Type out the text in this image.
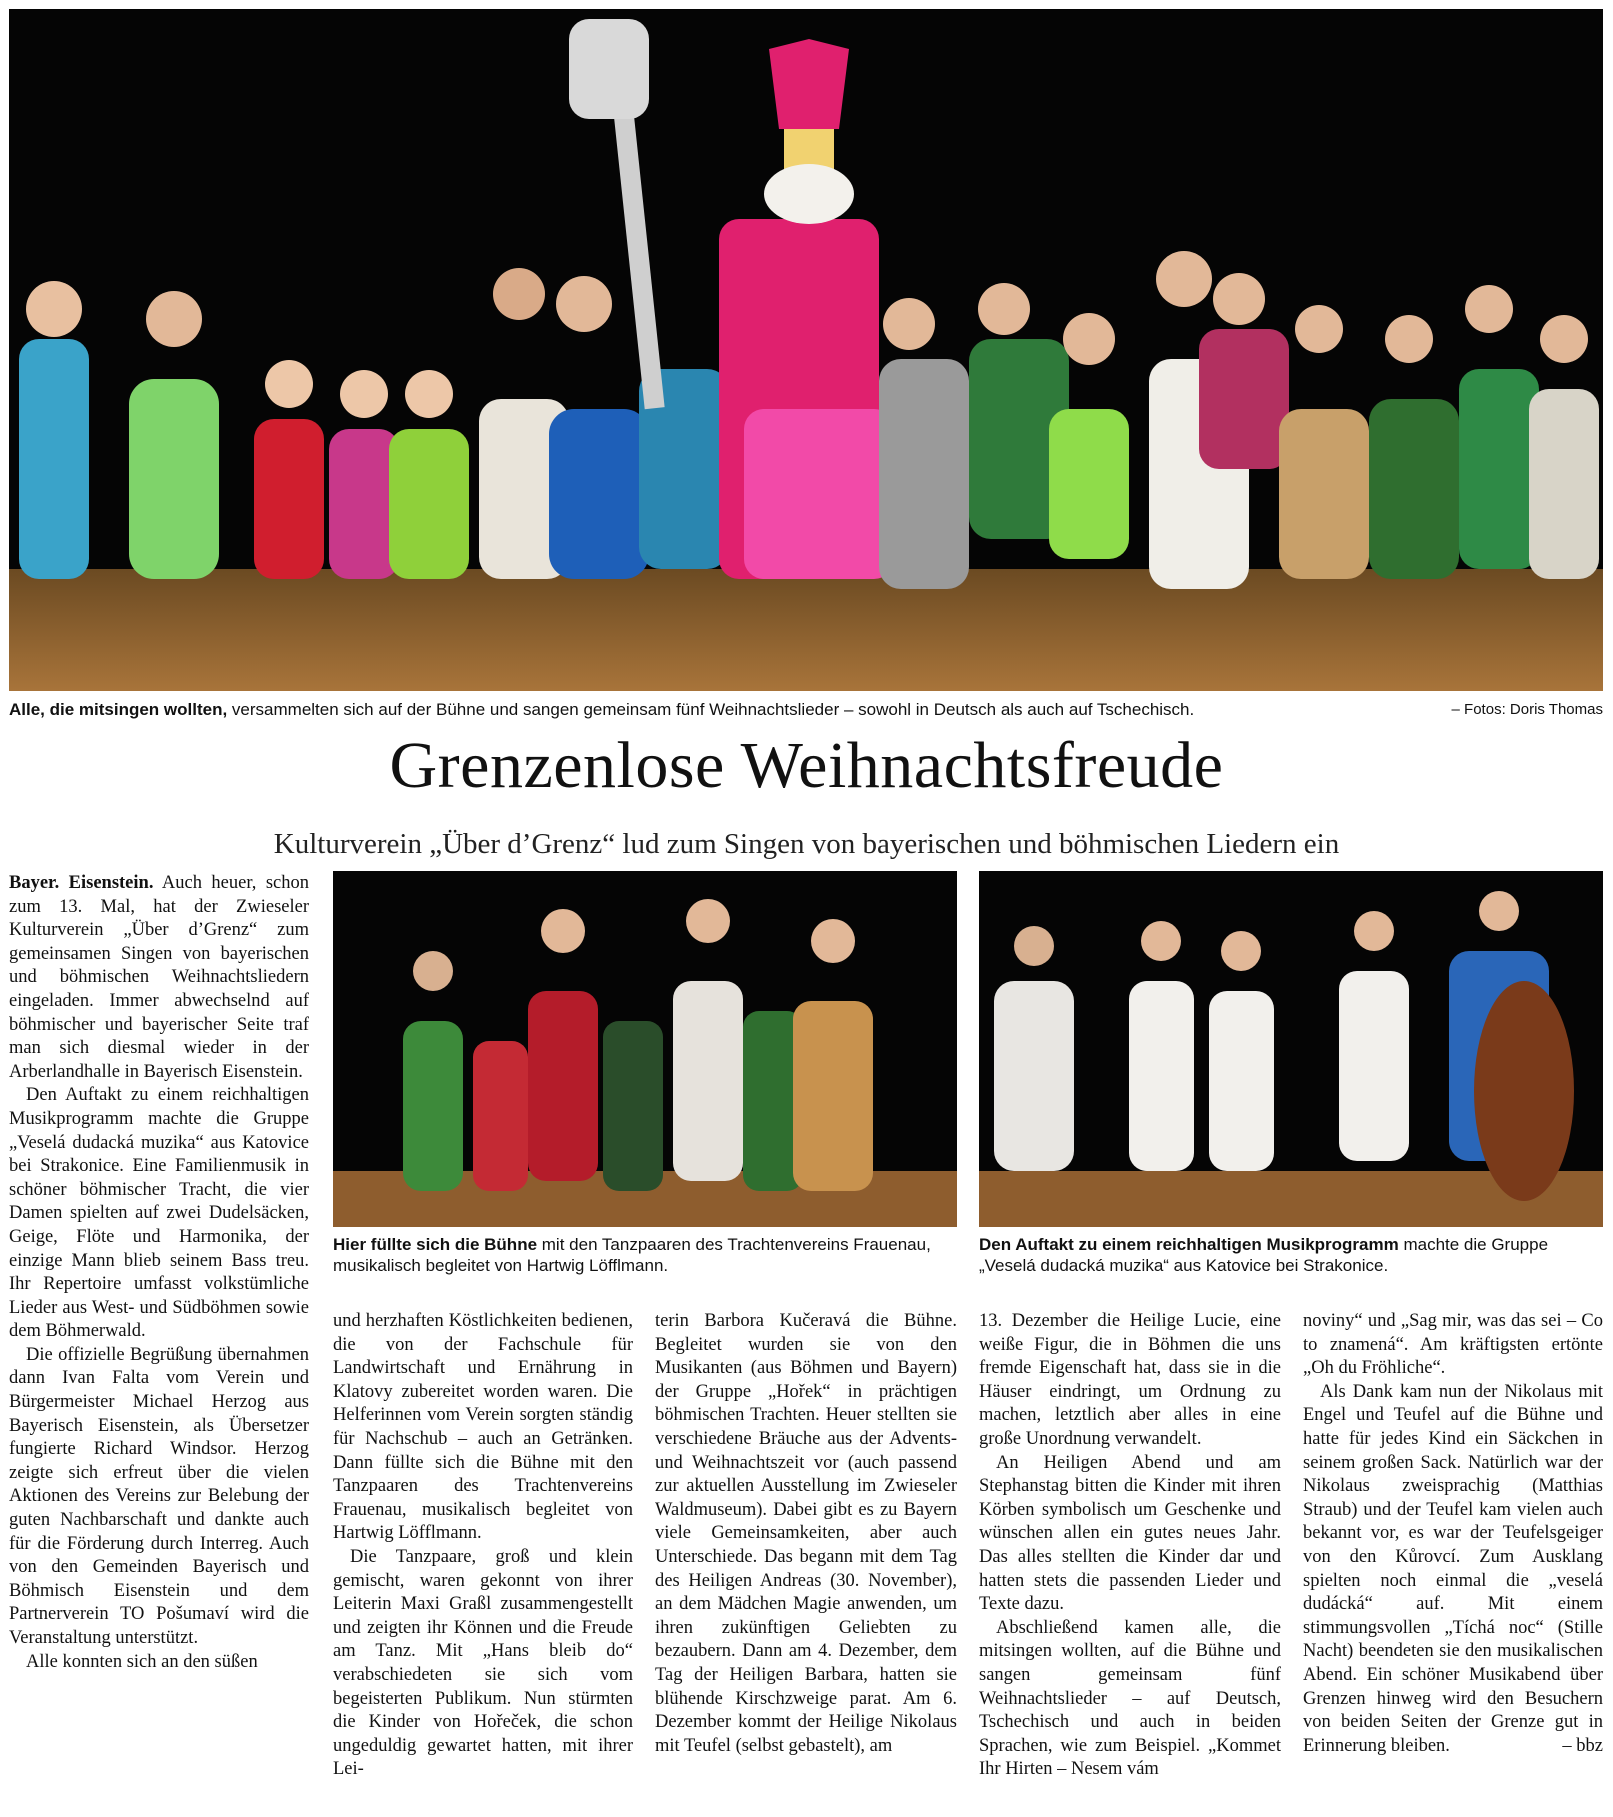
Alle, die mitsingen wollten, versammelten sich auf der Bühne und sangen gemeinsam fünf Weihnachtslieder – sowohl in Deutsch als auch auf Tschechisch.	– Fotos: Doris Thomas
Grenzenlose Weihnachtsfreude
Kulturverein „Über d’Grenz“ lud zum Singen von bayerischen und böhmischen Liedern ein
Hier füllte sich die Bühne mit den Tanzpaaren des Trachtenvereins Frauenau, musikalisch begleitet von Hartwig Löfflmann.
Den Auftakt zu einem reichhaltigen Musikprogramm machte die Gruppe „Veselá dudacká muzika“ aus Katovice bei Strakonice.

Bayer. Eisenstein. Auch heuer, schon zum 13. Mal, hat der Zwieseler Kulturverein „Über d’Grenz“ zum gemeinsamen Singen von bayerischen und böhmischen Weihnachtsliedern eingeladen. Immer abwechselnd auf böhmischer und bayerischer Seite traf man sich diesmal wieder in der Arberlandhalle in Bayerisch Eisenstein.

Den Auftakt zu einem reichhaltigen Musikprogramm machte die Gruppe „Veselá dudacká muzika“ aus Katovice bei Strakonice. Eine Familienmusik in schöner böhmischer Tracht, die vier Damen spielten auf zwei Dudelsäcken, Geige, Flöte und Harmonika, der einzige Mann blieb seinem Bass treu. Ihr Repertoire umfasst volkstümliche Lieder aus West- und Südböhmen sowie dem Böhmerwald.

Die offizielle Begrüßung übernahmen dann Ivan Falta vom Verein und Bürgermeister Michael Herzog aus Bayerisch Eisenstein, als Übersetzer fungierte Richard Windsor. Herzog zeigte sich erfreut über die vielen Aktionen des Vereins zur Belebung der guten Nachbarschaft und dankte auch für die Förderung durch Interreg. Auch von den Gemeinden Bayerisch und Böhmisch Eisenstein und dem Partnerverein TO Pošumaví wird die Veranstaltung unterstützt.

Alle konnten sich an den süßen

und herzhaften Köstlichkeiten bedienen, die von der Fachschule für Landwirtschaft und Ernährung in Klatovy zubereitet worden waren. Die Helferinnen vom Verein sorgten ständig für Nachschub – auch an Getränken. Dann füllte sich die Bühne mit den Tanzpaaren des Trachtenvereins Frauenau, musikalisch begleitet von Hartwig Löfflmann.

Die Tanzpaare, groß und klein gemischt, waren gekonnt von ihrer Leiterin Maxi Graßl zusammengestellt und zeigten ihr Können und die Freude am Tanz. Mit „Hans bleib do“ verabschiedeten sie sich vom begeisterten Publikum. Nun stürmten die Kinder von Hořeček, die schon ungeduldig gewartet hatten, mit ihrer Lei-

terin Barbora Kučeravá die Bühne. Begleitet wurden sie von den Musikanten (aus Böhmen und Bayern) der Gruppe „Hořek“ in prächtigen böhmischen Trachten. Heuer stellten sie verschiedene Bräuche aus der Advents- und Weihnachtszeit vor (auch passend zur aktuellen Ausstellung im Zwieseler Waldmuseum). Dabei gibt es zu Bayern viele Gemeinsamkeiten, aber auch Unterschiede. Das begann mit dem Tag des Heiligen Andreas (30. November), an dem Mädchen Magie anwenden, um ihren zukünftigen Geliebten zu bezaubern. Dann am 4. Dezember, dem Tag der Heiligen Barbara, hatten sie blühende Kirschzweige parat. Am 6. Dezember kommt der Heilige Nikolaus mit Teufel (selbst gebastelt), am

13. Dezember die Heilige Lucie, eine weiße Figur, die in Böhmen die uns fremde Eigenschaft hat, dass sie in die Häuser eindringt, um Ordnung zu machen, letztlich aber alles in eine große Unordnung verwandelt.

An Heiligen Abend und am Stephanstag bitten die Kinder mit ihren Körben symbolisch um Geschenke und wünschen allen ein gutes neues Jahr. Das alles stellten die Kinder dar und hatten stets die passenden Lieder und Texte dazu.

Abschließend kamen alle, die mitsingen wollten, auf die Bühne und sangen gemeinsam fünf Weihnachtslieder – auf Deutsch, Tschechisch und auch in beiden Sprachen, wie zum Beispiel. „Kommet Ihr Hirten – Nesem vám

noviny“ und „Sag mir, was das sei – Co to znamená“. Am kräftigsten ertönte „Oh du Fröhliche“.

Als Dank kam nun der Nikolaus mit Engel und Teufel auf die Bühne und hatte für jedes Kind ein Säckchen in seinem großen Sack. Natürlich war der Nikolaus zweisprachig (Matthias Straub) und der Teufel kam vielen auch bekannt vor, es war der Teufelsgeiger von den Kůrovcí. Zum Ausklang spielten noch einmal die „veselá dudácká“ auf. Mit einem stimmungsvollen „Tíchá noc“ (Stille Nacht) beendeten sie den musikalischen Abend. Ein schöner Musikabend über Grenzen hinweg wird den Besuchern von beiden Seiten der Grenze gut in Erinnerung bleiben.	– bbz
